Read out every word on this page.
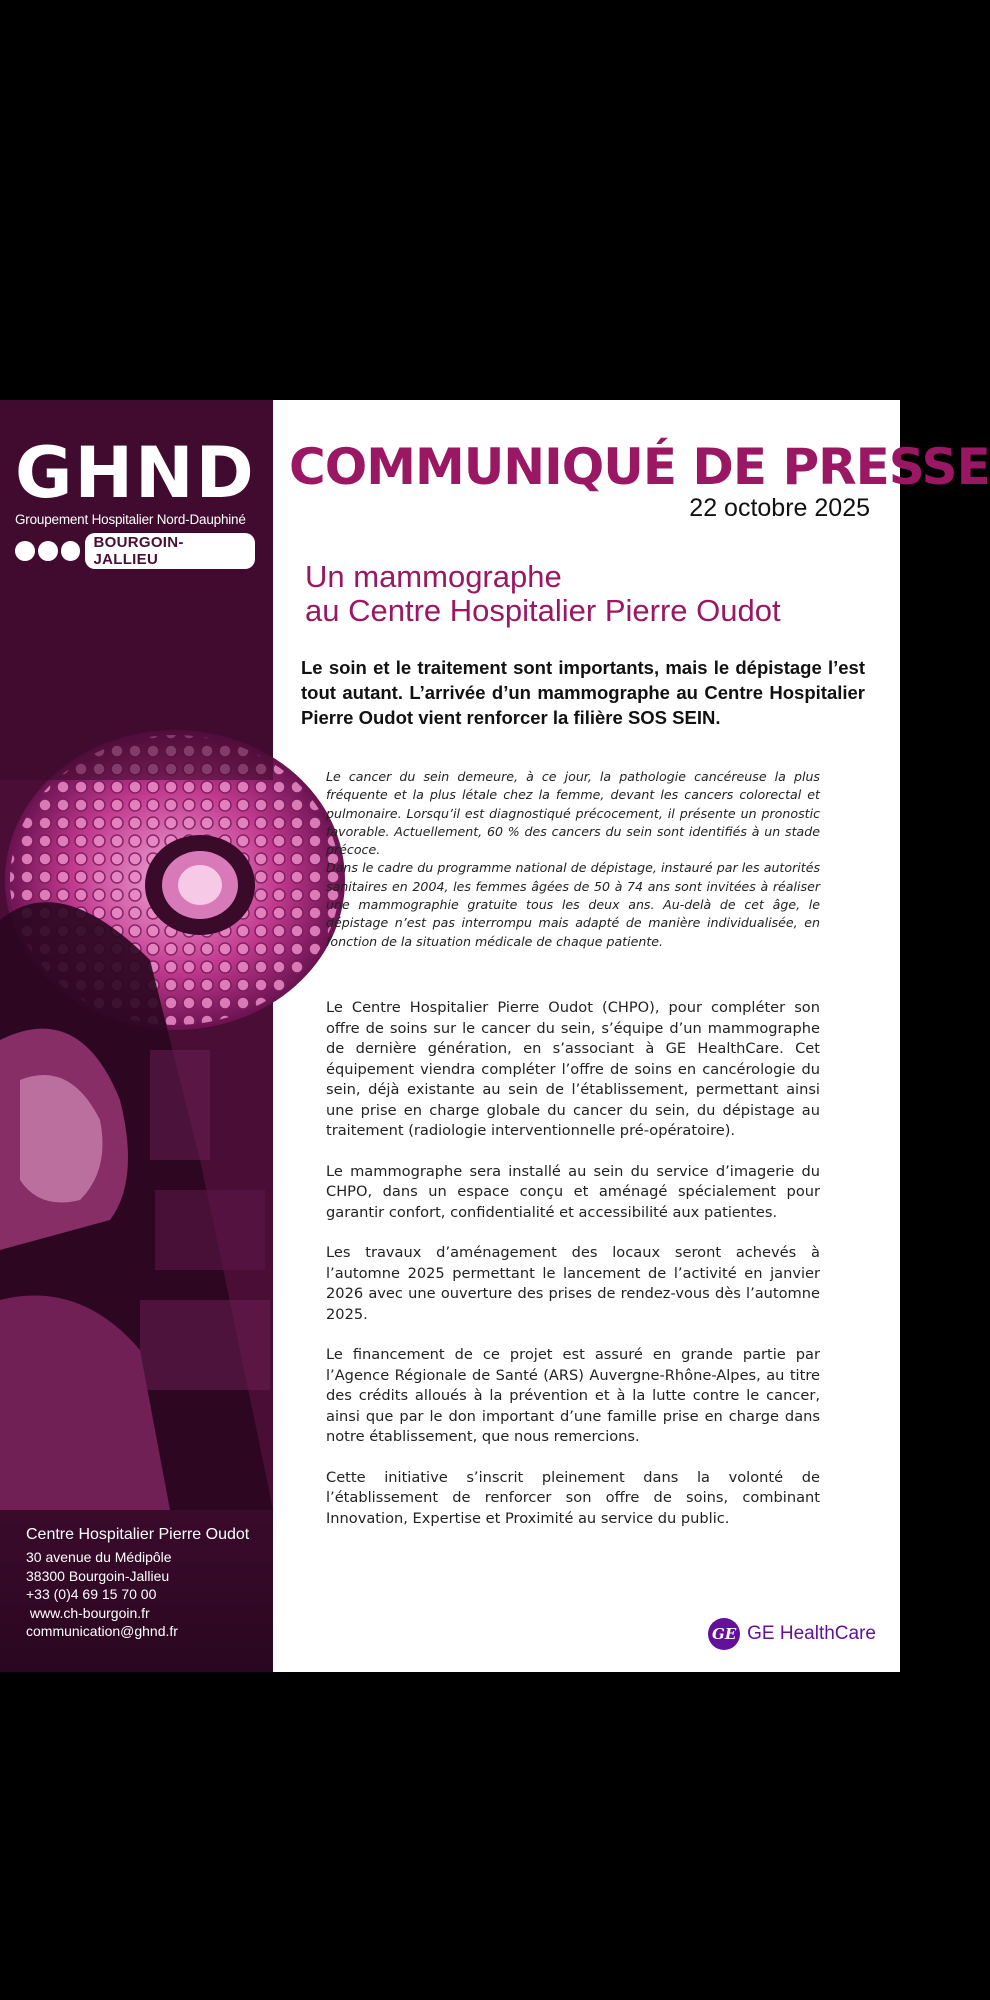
GHND
Groupement Hospitalier Nord-Dauphiné
BOURGOIN-JALLIEU
Centre Hospitalier Pierre Oudot
30 avenue du Médipôle
38300 Bourgoin-Jallieu
+33 (0)4 69 15 70 00
www.ch-bourgoin.fr
communication@ghnd.fr
COMMUNIQUÉ DE PRESSE
22 octobre 2025
Un mammographe
au Centre Hospitalier Pierre Oudot
Le soin et le traitement sont importants, mais le dépistage l’est tout autant. L’arrivée d’un mammographe au Centre Hospitalier Pierre Oudot vient renforcer la filière SOS SEIN.

Le cancer du sein demeure, à ce jour, la pathologie cancéreuse la plus fréquente et la plus létale chez la femme, devant les cancers colorectal et pulmonaire. Lorsqu’il est diagnostiqué précocement, il présente un pronostic favorable. Actuellement, 60 % des cancers du sein sont identifiés à un stade précoce.

Dans le cadre du programme national de dépistage, instauré par les autorités sanitaires en 2004, les femmes âgées de 50 à 74 ans sont invitées à réaliser une mammographie gratuite tous les deux ans. Au-delà de cet âge, le dépistage n’est pas interrompu mais adapté de manière individualisée, en fonction de la situation médicale de chaque patiente.

Le Centre Hospitalier Pierre Oudot (CHPO), pour compléter son offre de soins sur le cancer du sein, s’équipe d’un mammographe de dernière génération, en s’associant à GE HealthCare. Cet équipement viendra compléter l’offre de soins en cancérologie du sein, déjà existante au sein de l’établissement, permettant ainsi une prise en charge globale du cancer du sein, du dépistage au traitement (radiologie interventionnelle pré-opératoire).

Le mammographe sera installé au sein du service d’imagerie du CHPO, dans un espace conçu et aménagé spécialement pour garantir confort, confidentialité et accessibilité aux patientes.

Les travaux d’aménagement des locaux seront achevés à l’automne 2025 permettant le lancement de l’activité en janvier 2026 avec une ouverture des prises de rendez-vous dès l’automne 2025.

Le financement de ce projet est assuré en grande partie par l’Agence Régionale de Santé (ARS) Auvergne-Rhône-Alpes, au titre des crédits alloués à la prévention et à la lutte contre le cancer, ainsi que par le don important d’une famille prise en charge dans notre établissement, que nous remercions.

Cette initiative s’inscrit pleinement dans la volonté de l’établissement de renforcer son offre de soins, combinant Innovation, Expertise et Proximité au service du public.

GE GE HealthCare
